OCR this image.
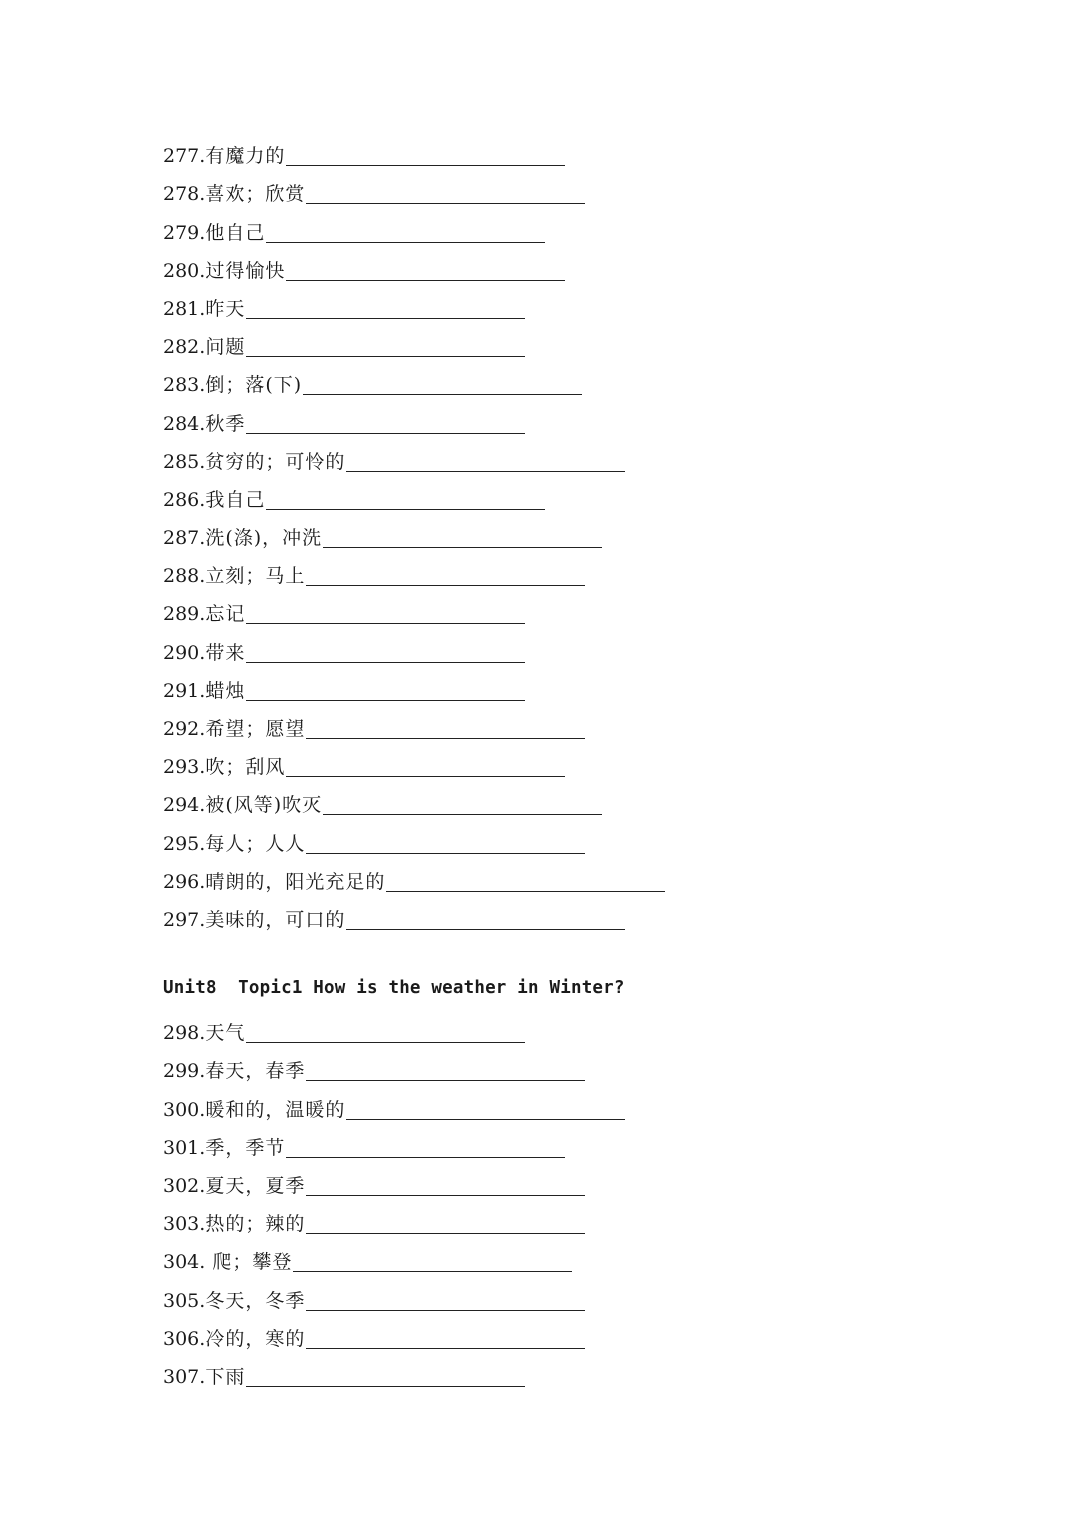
277. 有魔力的
278. 喜欢；欣赏
279. 他自己
280. 过得愉快
281. 昨天
282. 问题
283. 倒；落(下)
284. 秋季
285. 贫穷的；可怜的
286. 我自己
287. 洗(涤)，冲洗
288. 立刻；马上
289. 忘记
290. 带来
291. 蜡烛
292. 希望；愿望
293. 吹；刮风
294. 被(风等)吹灭
295. 每人；人人
296. 晴朗的，阳光充足的
297. 美味的，可口的
Unit8  Topic1 How is the weather in Winter?
298. 天气
299. 春天，春季
300. 暖和的，温暖的
301. 季，季节
302. 夏天，夏季
303. 热的；辣的
304. 爬；攀登
305. 冬天，冬季
306. 冷的，寒的
307. 下雨
